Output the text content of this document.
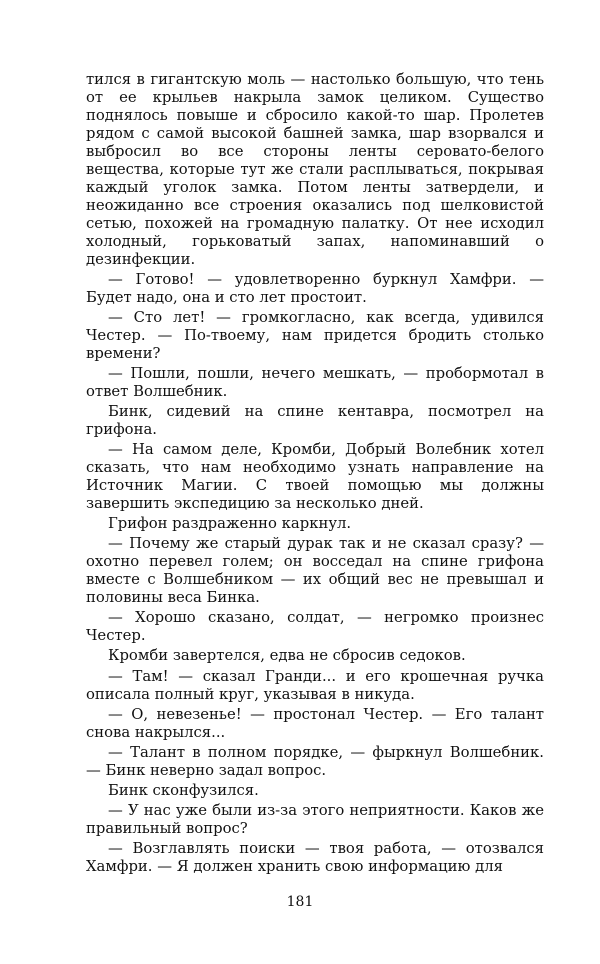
тился в гигантскую моль — настолько большую, что тень от ее крыльев накрыла замок целиком. Существо поднялось повыше и сбросило какой-то шар. Пролетев рядом с самой высокой башней замка, шар взорвался и выбросил во все стороны ленты серовато-белого вещества, которые тут же стали расплываться, покрывая каждый уголок замка. Потом ленты затвердели, и неожиданно все строения оказались под шелковистой сетью, похожей на громадную палатку. От нее исходил холодный, горьковатый запах, напоминавший о дезинфекции.

— Готово! — удовлетворенно буркнул Хамфри. — Будет надо, она и сто лет простоит.

— Сто лет! — громкогласно, как всегда, удивился Честер. — По-твоему, нам придется бродить столько времени?

— Пошли, пошли, нечего мешкать, — пробормотал в ответ Волшебник.

Бинк, сидевий на спине кентавра, посмотрел на грифона.

— На самом деле, Кромби, Добрый Волебник хотел сказать, что нам необходимо узнать направление на Источник Магии. С твоей помощью мы должны завершить экспедицию за несколько дней.

Грифон раздраженно каркнул.

— Почему же старый дурак так и не сказал сразу? — охотно перевел голем; он восседал на спине грифона вместе с Волшебником — их общий вес не превышал и половины веса Бинка.

— Хорошо сказано, солдат, — негромко произнес Честер.

Кромби завертелся, едва не сбросив седоков.

— Там! — сказал Гранди... и его крошечная ручка описала полный круг, указывая в никуда.

— О, невезенье! — простонал Честер. — Его талант снова накрылся...

— Талант в полном порядке, — фыркнул Волшебник. — Бинк неверно задал вопрос.

Бинк сконфузился.

— У нас уже были из-за этого неприятности. Каков же правильный вопрос?

— Возглавлять поиски — твоя работа, — отозвался Хамфри. — Я должен хранить свою информацию для

181
